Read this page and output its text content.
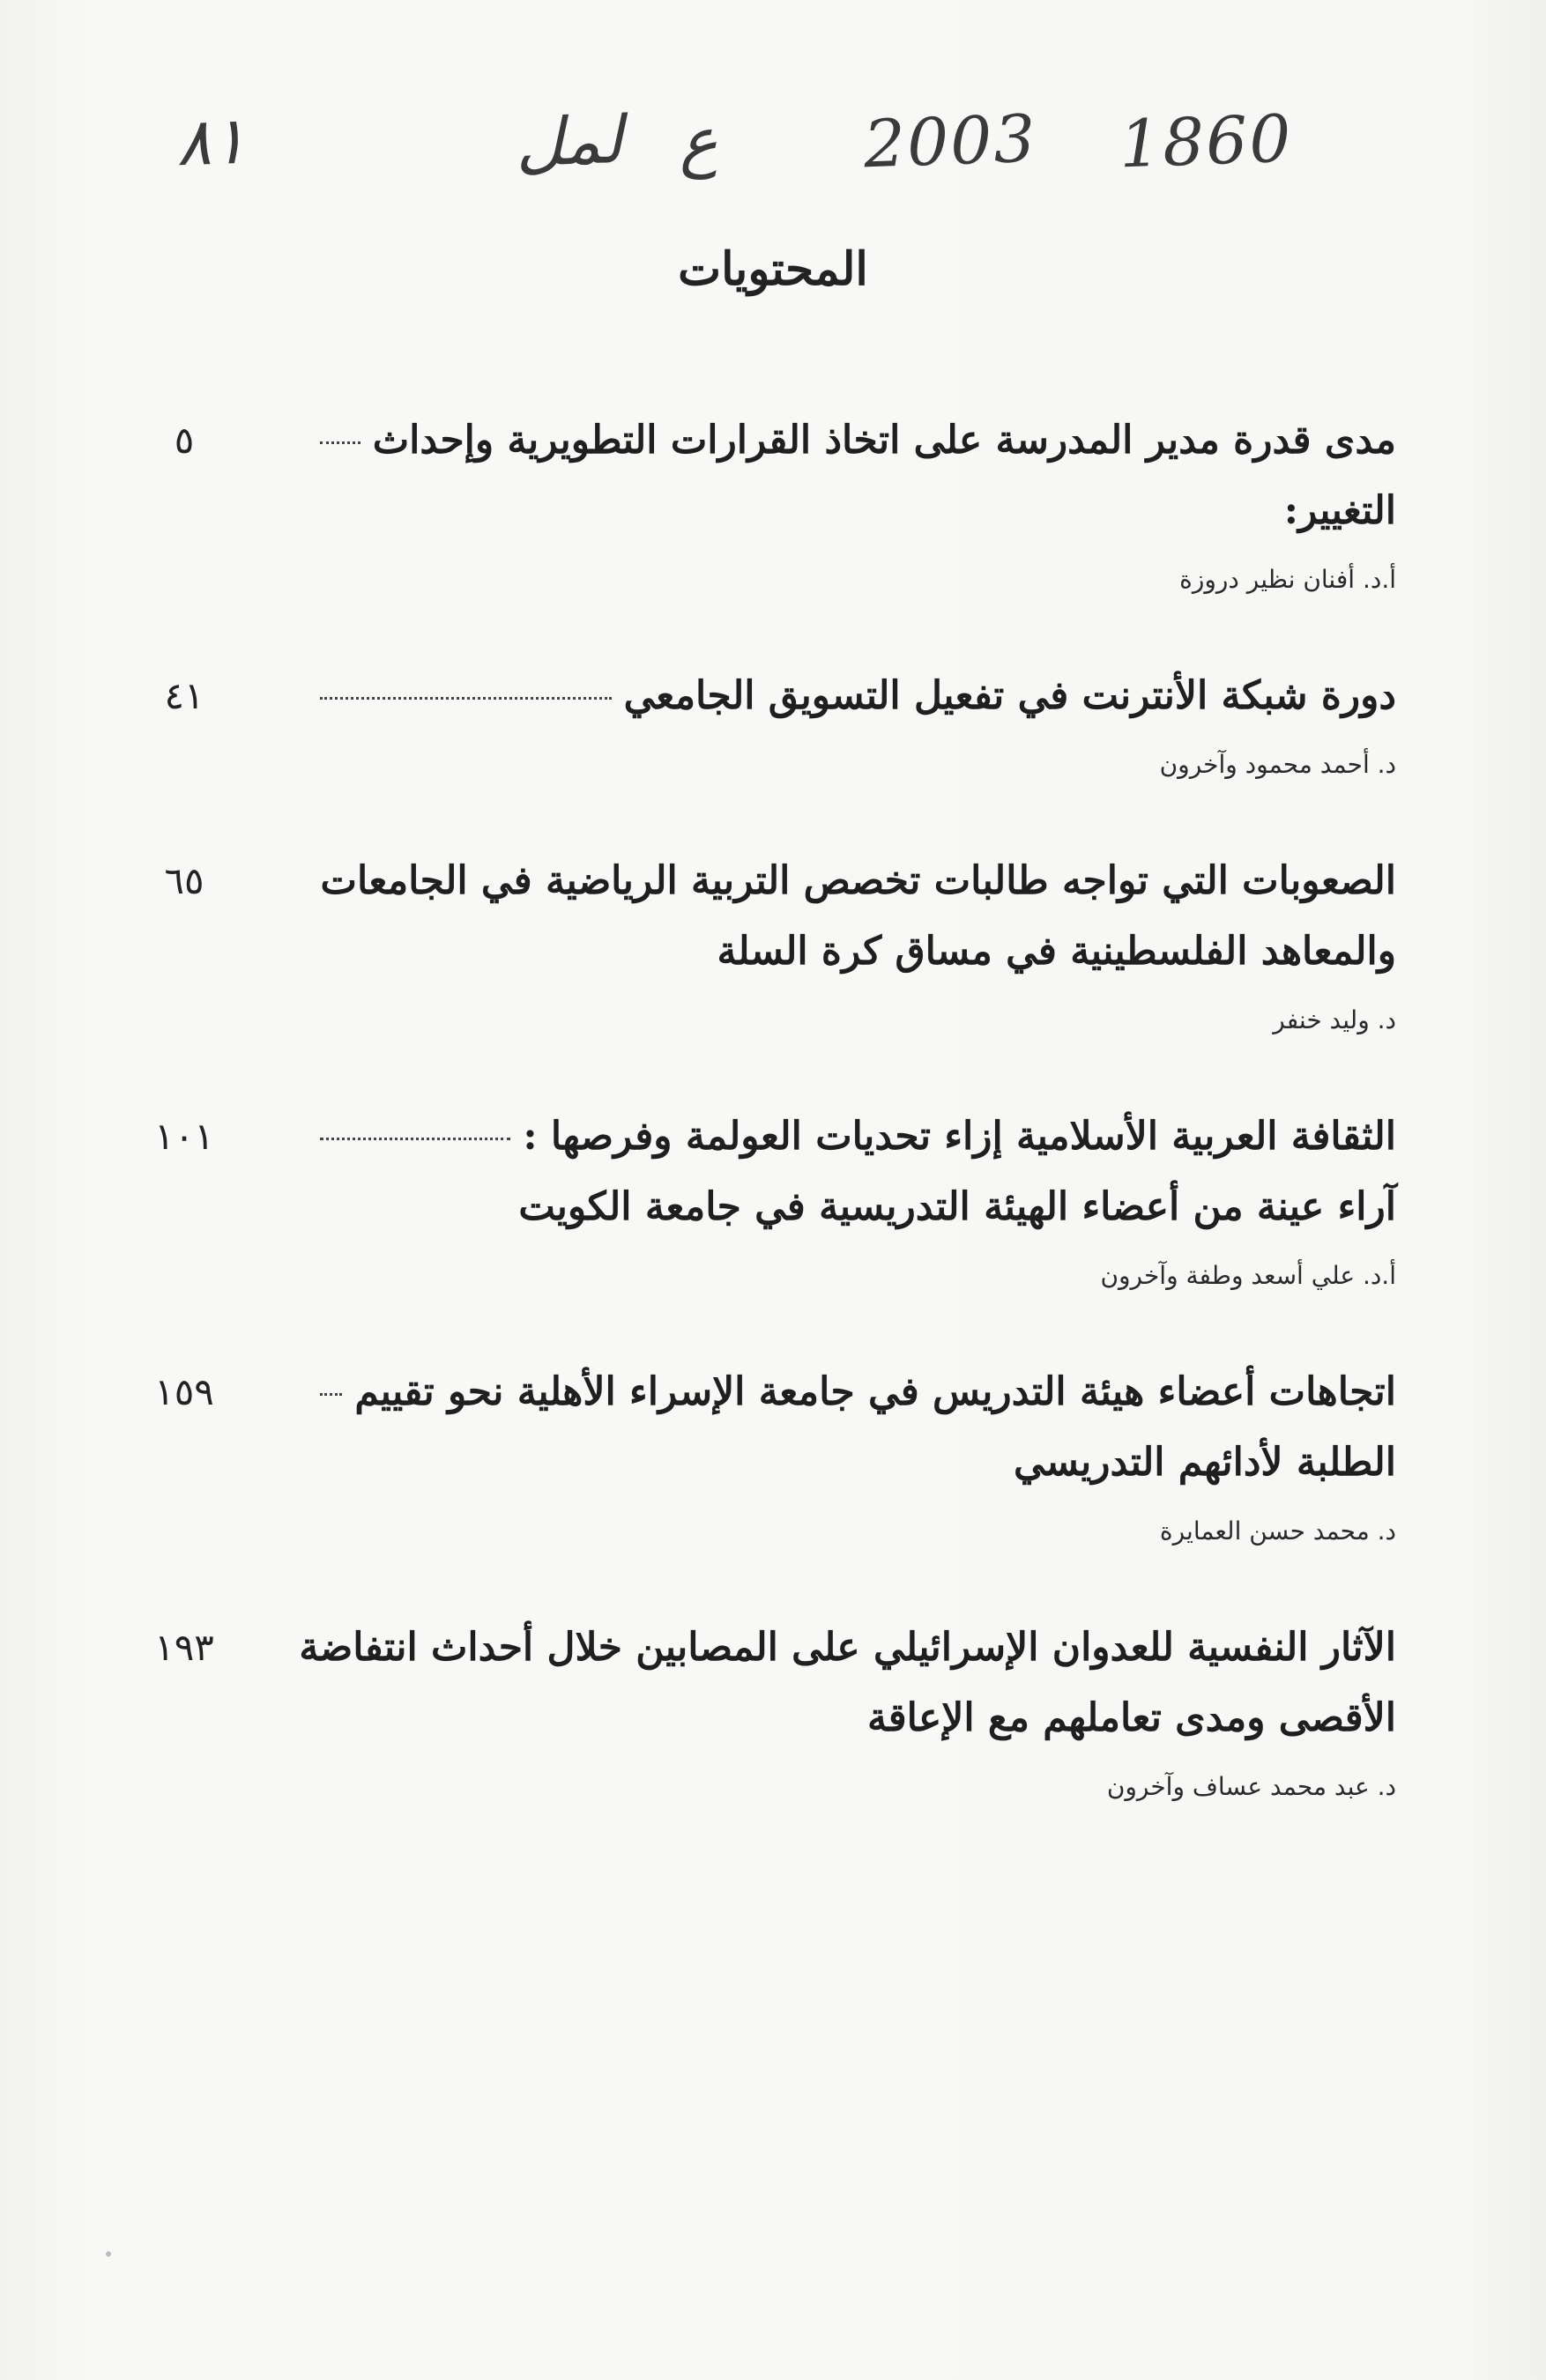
٨١	لمل ع 2003 1860
المحتويات
مدى قدرة مدير المدرسة على اتخاذ القرارات التطويرية وإحداث
التغيير:
٥
أ.د. أفنان نظير دروزة
دورة شبكة الأنترنت في تفعيل التسويق الجامعي
٤١
د. أحمد محمود وآخرون
الصعوبات التي تواجه طالبات تخصص التربية الرياضية في الجامعات
والمعاهد الفلسطينية في مساق كرة السلة
٦٥
د. وليد خنفر
الثقافة العربية الأسلامية إزاء تحديات العولمة وفرصها :
آراء عينة من أعضاء الهيئة التدريسية في جامعة الكويت
١٠١
أ.د. علي أسعد وطفة وآخرون
اتجاهات أعضاء هيئة التدريس في جامعة الإسراء الأهلية نحو تقييم
الطلبة لأدائهم التدريسي
١٥٩
د. محمد حسن العمايرة
الآثار النفسية للعدوان الإسرائيلي على المصابين خلال أحداث انتفاضة
الأقصى ومدى تعاملهم مع الإعاقة
١٩٣
د. عبد محمد عساف وآخرون
